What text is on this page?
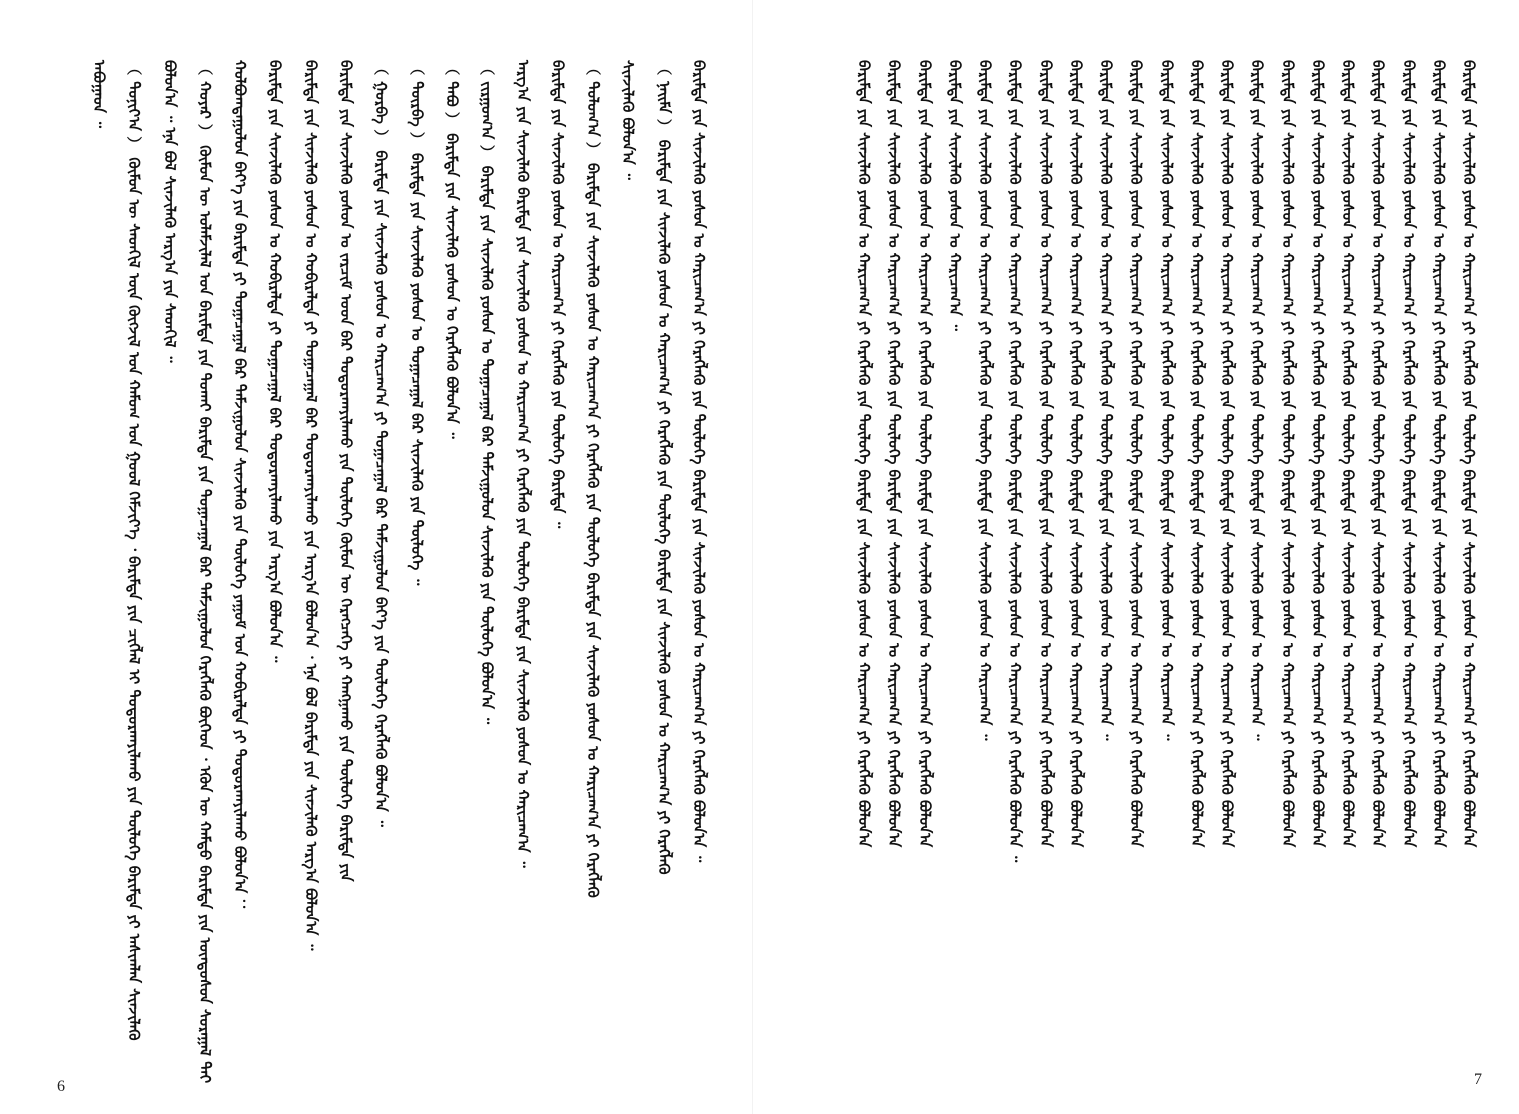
6
ᠠᠪᠤᠭᠠᠳ ᠃ （ ᠳᠤᠨᠢᠶ᠎ᠠ ） ᠬᠦᠮᠦᠨ ᠦ ᠰᠡᠳᠬᠢᠯ ᠦᠨ ᠬᠦᠭᠵᠢᠯ ᠤᠨ ᠬᠠᠮᠤᠭ ᠤᠨ ᠭᠣᠣᠯ ᠬᠡᠮᠵᠢᠶ᠎ᠡ ᠂ ᠪᠠᠷᠢᠮᠲᠠ ᠶᠢᠨ ᠴᠢᠭᠯᠡᠯ ᠢ ᠲᠣᠳᠣᠷᠬᠠᠶᠢᠯᠠᠬᠤ ᠶᠢᠨ ᠲᠥᠯᠥᠭᠡ ᠪᠠᠷᠢᠮᠲᠠ ᠶᠢ ᠠᠰᠢᠭᠯᠠᠨ ᠰᠢᠨᠵᠢᠯᠡᠬᠦ ᠪᠣᠯᠤᠨ᠎ᠠ ᠃ ᠡᠨᠡ ᠪᠣᠯ ᠰᠢᠨᠵᠢᠯᠡᠬᠦ ᠠᠷᠭ᠎ᠠ ᠶᠢᠨ ᠰᠡᠳᠬᠢᠯ ᠃ （ ᠬᠣᠶᠠᠷ ） ᠬᠦᠮᠦᠨ ᠦ ᠤᠯᠠᠮᠵᠢᠯᠠᠯ ᠤᠨ ᠪᠠᠷᠢᠮᠲᠠ ᠶᠢᠨ ᠲᠤᠬᠠᠢ ᠪᠠᠷᠢᠮᠲᠠ ᠶᠢᠨ ᠲᠣᠭᠠᠴᠠᠭᠠᠯ ᠪᠠᠷ ᠳᠠᠮᠵᠢᠭᠤᠯᠤᠨ ᠬᠡᠷᠡᠭᠯᠡᠬᠦ ᠪᠥᠭᠡᠳ ᠂ ᠡᠭᠦᠨ ᠦ ᠬᠠᠮᠲᠤ ᠪᠠᠷᠢᠮᠲᠠ ᠶᠢᠨ ᠦᠨᠳᠦᠰᠦᠨ ᠰᠤᠷᠠᠭᠠᠯ ᠲᠠᠢ ᠬᠣᠯᠪᠣᠭᠳᠠᠭᠤᠯᠤᠨ ᠪᠡᠶ᠎ᠡ ᠶᠢᠨ ᠪᠠᠷᠢᠮᠲᠠ ᠶᠢ ᠲᠣᠭᠠᠴᠠᠭᠠᠯ ᠪᠠᠷ ᠳᠠᠮᠵᠢᠭᠤᠯᠤᠨ ᠰᠢᠨᠵᠢᠯᠡᠬᠦ ᠶᠢᠨ ᠲᠥᠯᠥᠭᠡ ᠶᠠᠭᠤᠮ ᠤᠨ ᠬᠤᠪᠢᠷᠠᠯᠲᠠ ᠶᠢ ᠲᠣᠳᠣᠷᠬᠠᠶᠢᠯᠠᠬᠤ ᠪᠣᠯᠤᠨ᠎ᠠ ： ᠪᠠᠷᠢᠮᠲᠠ ᠶᠢᠨ ᠰᠢᠨᠵᠢᠯᠡᠬᠦ ᠶᠤᠰᠤᠨ ᠤ ᠬᠤᠪᠢᠷᠠᠯᠲᠠ ᠶᠢ ᠲᠣᠭᠠᠴᠠᠭᠠᠯ ᠪᠠᠷ ᠲᠣᠳᠣᠷᠬᠠᠶᠢᠯᠠᠬᠤ ᠶᠢᠨ ᠠᠷᠭ᠎ᠠ ᠪᠣᠯᠤᠨ᠎ᠠ ᠃ ᠪᠠᠷᠢᠮᠲᠠ ᠶᠢᠨ ᠰᠢᠨᠵᠢᠯᠡᠬᠦ ᠶᠤᠰᠤᠨ ᠤ ᠬᠤᠪᠢᠷᠠᠯᠲᠠ ᠶᠢ ᠲᠣᠭᠠᠴᠠᠭᠠᠯ ᠪᠠᠷ ᠲᠣᠳᠣᠷᠬᠠᠶᠢᠯᠠᠬᠤ ᠶᠢᠨ ᠠᠷᠭ᠎ᠠ ᠪᠣᠯᠤᠨ᠎ᠠ ᠂ ᠡᠨᠡ ᠪᠣᠯ ᠪᠠᠷᠢᠮᠲᠠ ᠶᠢᠨ ᠰᠢᠨᠵᠢᠯᠡᠬᠦ ᠠᠷᠭ᠎ᠠ ᠪᠣᠯᠤᠨ᠎ᠠ ᠃ ᠪᠠᠷᠢᠮᠲᠠ ᠶᠢᠨ ᠰᠢᠨᠵᠢᠯᠡᠬᠦ ᠶᠤᠰᠤᠨ ᠤ ᠵᠠᠷᠴᠢᠮ ᠤᠳ ᠪᠠᠷ ᠲᠣᠳᠣᠷᠬᠠᠶᠢᠯᠠᠬᠤ ᠶᠢᠨ ᠲᠥᠯᠥᠭᠡ ᠬᠦᠮᠦᠨ ᠦ ᠬᠡᠷᠡᠭᠴᠡᠭᠡ ᠶᠢ ᠬᠠᠩᠭᠠᠬᠤ ᠶᠢᠨ ᠲᠥᠯᠥᠭᠡ ᠪᠠᠷᠢᠮᠲᠠ ᠶᠢᠨ （ ᠭᠤᠷᠪᠠ ） ᠪᠠᠷᠢᠮᠲᠠ ᠶᠢᠨ ᠰᠢᠨᠵᠢᠯᠡᠬᠦ ᠶᠤᠰᠤᠨ ᠤ ᠬᠠᠷᠢᠴᠠᠭ᠎ᠠ ᠶᠢ ᠲᠣᠭᠠᠴᠠᠭᠠᠯ ᠪᠠᠷ ᠳᠠᠮᠵᠢᠭᠤᠯᠤᠨ ᠪᠡᠶ᠎ᠡ ᠶᠢᠨ ᠲᠥᠯᠥᠭᠡ ᠬᠡᠷᠡᠭᠯᠡᠬᠦ ᠪᠣᠯᠤᠨ᠎ᠠ ᠃ （ ᠳᠥᠷᠪᠡ ） ᠪᠠᠷᠢᠮᠲᠠ ᠶᠢᠨ ᠰᠢᠨᠵᠢᠯᠡᠬᠦ ᠶᠤᠰᠤᠨ ᠤ ᠲᠣᠭᠠᠴᠠᠭᠠᠯ ᠪᠠᠷ ᠰᠢᠨᠵᠢᠯᠡᠬᠦ ᠶᠢᠨ ᠲᠥᠯᠥᠭᠡ ᠃ （ ᠲᠠᠪᠤ ） ᠪᠠᠷᠢᠮᠲᠠ ᠶᠢᠨ ᠰᠢᠨᠵᠢᠯᠡᠬᠦ ᠶᠤᠰᠤᠨ ᠤ ᠬᠡᠷᠡᠭᠯᠡᠬᠦ ᠪᠣᠯᠤᠨ᠎ᠠ ᠃ （ ᠵᠢᠷᠭᠤᠭ᠎ᠠ ） ᠪᠠᠷᠢᠮᠲᠠ ᠶᠢᠨ ᠰᠢᠨᠵᠢᠯᠡᠬᠦ ᠶᠤᠰᠤᠨ ᠤ ᠲᠣᠭᠠᠴᠠᠭᠠᠯ ᠪᠠᠷ ᠳᠠᠮᠵᠢᠭᠤᠯᠤᠨ ᠰᠢᠨᠵᠢᠯᠡᠬᠦ ᠶᠢᠨ ᠲᠥᠯᠥᠭᠡ ᠪᠣᠯᠤᠨ᠎ᠠ ᠃ ᠠᠷᠭ᠎ᠠ ᠶᠢᠨ ᠰᠢᠨᠵᠢᠯᠡᠬᠦ ᠪᠠᠷᠢᠮᠲᠠ ᠶᠢᠨ ᠰᠢᠨᠵᠢᠯᠡᠬᠦ ᠶᠤᠰᠤᠨ ᠤ ᠬᠠᠷᠢᠴᠠᠭ᠎ᠠ ᠶᠢ ᠬᠡᠷᠡᠭᠯᠡᠬᠦ ᠶᠢᠨ ᠲᠥᠯᠥᠭᠡ ᠪᠠᠷᠢᠮᠲᠠ ᠶᠢᠨ ᠰᠢᠨᠵᠢᠯᠡᠬᠦ ᠶᠤᠰᠤᠨ ᠤ ᠬᠠᠷᠢᠴᠠᠭ᠎ᠠ ᠃ ᠪᠠᠷᠢᠮᠲᠠ ᠶᠢᠨ ᠰᠢᠨᠵᠢᠯᠡᠬᠦ ᠶᠤᠰᠤᠨ ᠤ ᠬᠠᠷᠢᠴᠠᠭ᠎ᠠ ᠶᠢ ᠬᠡᠷᠡᠭᠯᠡᠬᠦ ᠶᠢᠨ ᠲᠥᠯᠥᠭᠡ ᠪᠠᠷᠢᠮᠲᠠ ᠃ （ ᠳᠣᠯᠣᠭ᠎ᠠ ） ᠪᠠᠷᠢᠮᠲᠠ ᠶᠢᠨ ᠰᠢᠨᠵᠢᠯᠡᠬᠦ ᠶᠤᠰᠤᠨ ᠤ ᠬᠠᠷᠢᠴᠠᠭ᠎ᠠ ᠶᠢ ᠬᠡᠷᠡᠭᠯᠡᠬᠦ ᠶᠢᠨ ᠲᠥᠯᠥᠭᠡ ᠪᠠᠷᠢᠮᠲᠠ ᠶᠢᠨ ᠰᠢᠨᠵᠢᠯᠡᠬᠦ ᠶᠤᠰᠤᠨ ᠤ ᠬᠠᠷᠢᠴᠠᠭ᠎ᠠ ᠶᠢ ᠬᠡᠷᠡᠭᠯᠡᠬᠦ ᠰᠢᠨᠵᠢᠯᠡᠬᠦ ᠪᠣᠯᠤᠨ᠎ᠠ ᠃ （ ᠨᠠᠢᠮᠠ ） ᠪᠠᠷᠢᠮᠲᠠ ᠶᠢᠨ ᠰᠢᠨᠵᠢᠯᠡᠬᠦ ᠶᠤᠰᠤᠨ ᠤ ᠬᠠᠷᠢᠴᠠᠭ᠎ᠠ ᠶᠢ ᠬᠡᠷᠡᠭᠯᠡᠬᠦ ᠶᠢᠨ ᠲᠥᠯᠥᠭᠡ ᠪᠠᠷᠢᠮᠲᠠ ᠶᠢᠨ ᠰᠢᠨᠵᠢᠯᠡᠬᠦ ᠶᠤᠰᠤᠨ ᠤ ᠬᠠᠷᠢᠴᠠᠭ᠎ᠠ ᠶᠢ ᠬᠡᠷᠡᠭᠯᠡᠬᠦ ᠪᠠᠷᠢᠮᠲᠠ ᠶᠢᠨ ᠰᠢᠨᠵᠢᠯᠡᠬᠦ ᠶᠤᠰᠤᠨ ᠤ ᠬᠠᠷᠢᠴᠠᠭ᠎ᠠ ᠶᠢ ᠬᠡᠷᠡᠭᠯᠡᠬᠦ ᠶᠢᠨ ᠲᠥᠯᠥᠭᠡ ᠪᠠᠷᠢᠮᠲᠠ ᠶᠢᠨ ᠰᠢᠨᠵᠢᠯᠡᠬᠦ ᠶᠤᠰᠤᠨ ᠤ ᠬᠠᠷᠢᠴᠠᠭ᠎ᠠ ᠶᠢ ᠬᠡᠷᠡᠭᠯᠡᠬᠦ ᠪᠣᠯᠤᠨ᠎ᠠ ᠃
7
ᠪᠠᠷᠢᠮᠲᠠ ᠶᠢᠨ ᠰᠢᠨᠵᠢᠯᠡᠬᠦ ᠶᠤᠰᠤᠨ ᠤ ᠬᠠᠷᠢᠴᠠᠭ᠎ᠠ ᠶᠢ ᠬᠡᠷᠡᠭᠯᠡᠬᠦ ᠶᠢᠨ ᠲᠥᠯᠥᠭᠡ ᠪᠠᠷᠢᠮᠲᠠ ᠶᠢᠨ ᠰᠢᠨᠵᠢᠯᠡᠬᠦ ᠶᠤᠰᠤᠨ ᠤ ᠬᠠᠷᠢᠴᠠᠭ᠎ᠠ ᠶᠢ ᠬᠡᠷᠡᠭᠯᠡᠬᠦ ᠪᠣᠯᠤᠨ᠎ᠠ ᠪᠠᠷᠢᠮᠲᠠ ᠶᠢᠨ ᠰᠢᠨᠵᠢᠯᠡᠬᠦ ᠶᠤᠰᠤᠨ ᠤ ᠬᠠᠷᠢᠴᠠᠭ᠎ᠠ ᠶᠢ ᠬᠡᠷᠡᠭᠯᠡᠬᠦ ᠶᠢᠨ ᠲᠥᠯᠥᠭᠡ ᠪᠠᠷᠢᠮᠲᠠ ᠶᠢᠨ ᠰᠢᠨᠵᠢᠯᠡᠬᠦ ᠶᠤᠰᠤᠨ ᠤ ᠬᠠᠷᠢᠴᠠᠭ᠎ᠠ ᠶᠢ ᠬᠡᠷᠡᠭᠯᠡᠬᠦ ᠪᠣᠯᠤᠨ᠎ᠠ ᠪᠠᠷᠢᠮᠲᠠ ᠶᠢᠨ ᠰᠢᠨᠵᠢᠯᠡᠬᠦ ᠶᠤᠰᠤᠨ ᠤ ᠬᠠᠷᠢᠴᠠᠭ᠎ᠠ ᠶᠢ ᠬᠡᠷᠡᠭᠯᠡᠬᠦ ᠶᠢᠨ ᠲᠥᠯᠥᠭᠡ ᠪᠠᠷᠢᠮᠲᠠ ᠶᠢᠨ ᠰᠢᠨᠵᠢᠯᠡᠬᠦ ᠶᠤᠰᠤᠨ ᠤ ᠬᠠᠷᠢᠴᠠᠭ᠎ᠠ ᠶᠢ ᠬᠡᠷᠡᠭᠯᠡᠬᠦ ᠪᠣᠯᠤᠨ᠎ᠠ ᠪᠠᠷᠢᠮᠲᠠ ᠶᠢᠨ ᠰᠢᠨᠵᠢᠯᠡᠬᠦ ᠶᠤᠰᠤᠨ ᠤ ᠬᠠᠷᠢᠴᠠᠭ᠎ᠠ ᠃ ᠪᠠᠷᠢᠮᠲᠠ ᠶᠢᠨ ᠰᠢᠨᠵᠢᠯᠡᠬᠦ ᠶᠤᠰᠤᠨ ᠤ ᠬᠠᠷᠢᠴᠠᠭ᠎ᠠ ᠶᠢ ᠬᠡᠷᠡᠭᠯᠡᠬᠦ ᠶᠢᠨ ᠲᠥᠯᠥᠭᠡ ᠪᠠᠷᠢᠮᠲᠠ ᠶᠢᠨ ᠰᠢᠨᠵᠢᠯᠡᠬᠦ ᠶᠤᠰᠤᠨ ᠤ ᠬᠠᠷᠢᠴᠠᠭ᠎ᠠ ᠃ ᠪᠠᠷᠢᠮᠲᠠ ᠶᠢᠨ ᠰᠢᠨᠵᠢᠯᠡᠬᠦ ᠶᠤᠰᠤᠨ ᠤ ᠬᠠᠷᠢᠴᠠᠭ᠎ᠠ ᠶᠢ ᠬᠡᠷᠡᠭᠯᠡᠬᠦ ᠶᠢᠨ ᠲᠥᠯᠥᠭᠡ ᠪᠠᠷᠢᠮᠲᠠ ᠶᠢᠨ ᠰᠢᠨᠵᠢᠯᠡᠬᠦ ᠶᠤᠰᠤᠨ ᠤ ᠬᠠᠷᠢᠴᠠᠭ᠎ᠠ ᠶᠢ ᠬᠡᠷᠡᠭᠯᠡᠬᠦ ᠪᠣᠯᠤᠨ᠎ᠠ ᠃ ᠪᠠᠷᠢᠮᠲᠠ ᠶᠢᠨ ᠰᠢᠨᠵᠢᠯᠡᠬᠦ ᠶᠤᠰᠤᠨ ᠤ ᠬᠠᠷᠢᠴᠠᠭ᠎ᠠ ᠶᠢ ᠬᠡᠷᠡᠭᠯᠡᠬᠦ ᠶᠢᠨ ᠲᠥᠯᠥᠭᠡ ᠪᠠᠷᠢᠮᠲᠠ ᠶᠢᠨ ᠰᠢᠨᠵᠢᠯᠡᠬᠦ ᠶᠤᠰᠤᠨ ᠤ ᠬᠠᠷᠢᠴᠠᠭ᠎ᠠ ᠶᠢ ᠬᠡᠷᠡᠭᠯᠡᠬᠦ ᠪᠣᠯᠤᠨ᠎ᠠ ᠪᠠᠷᠢᠮᠲᠠ ᠶᠢᠨ ᠰᠢᠨᠵᠢᠯᠡᠬᠦ ᠶᠤᠰᠤᠨ ᠤ ᠬᠠᠷᠢᠴᠠᠭ᠎ᠠ ᠶᠢ ᠬᠡᠷᠡᠭᠯᠡᠬᠦ ᠶᠢᠨ ᠲᠥᠯᠥᠭᠡ ᠪᠠᠷᠢᠮᠲᠠ ᠶᠢᠨ ᠰᠢᠨᠵᠢᠯᠡᠬᠦ ᠶᠤᠰᠤᠨ ᠤ ᠬᠠᠷᠢᠴᠠᠭ᠎ᠠ ᠶᠢ ᠬᠡᠷᠡᠭᠯᠡᠬᠦ ᠪᠣᠯᠤᠨ᠎ᠠ ᠪᠠᠷᠢᠮᠲᠠ ᠶᠢᠨ ᠰᠢᠨᠵᠢᠯᠡᠬᠦ ᠶᠤᠰᠤᠨ ᠤ ᠬᠠᠷᠢᠴᠠᠭ᠎ᠠ ᠶᠢ ᠬᠡᠷᠡᠭᠯᠡᠬᠦ ᠶᠢᠨ ᠲᠥᠯᠥᠭᠡ ᠪᠠᠷᠢᠮᠲᠠ ᠶᠢᠨ ᠰᠢᠨᠵᠢᠯᠡᠬᠦ ᠶᠤᠰᠤᠨ ᠤ ᠬᠠᠷᠢᠴᠠᠭ᠎ᠠ ᠃ ᠪᠠᠷᠢᠮᠲᠠ ᠶᠢᠨ ᠰᠢᠨᠵᠢᠯᠡᠬᠦ ᠶᠤᠰᠤᠨ ᠤ ᠬᠠᠷᠢᠴᠠᠭ᠎ᠠ ᠶᠢ ᠬᠡᠷᠡᠭᠯᠡᠬᠦ ᠶᠢᠨ ᠲᠥᠯᠥᠭᠡ ᠪᠠᠷᠢᠮᠲᠠ ᠶᠢᠨ ᠰᠢᠨᠵᠢᠯᠡᠬᠦ ᠶᠤᠰᠤᠨ ᠤ ᠬᠠᠷᠢᠴᠠᠭ᠎ᠠ ᠶᠢ ᠬᠡᠷᠡᠭᠯᠡᠬᠦ ᠪᠣᠯᠤᠨ᠎ᠠ ᠪᠠᠷᠢᠮᠲᠠ ᠶᠢᠨ ᠰᠢᠨᠵᠢᠯᠡᠬᠦ ᠶᠤᠰᠤᠨ ᠤ ᠬᠠᠷᠢᠴᠠᠭ᠎ᠠ ᠶᠢ ᠬᠡᠷᠡᠭᠯᠡᠬᠦ ᠶᠢᠨ ᠲᠥᠯᠥᠭᠡ ᠪᠠᠷᠢᠮᠲᠠ ᠶᠢᠨ ᠰᠢᠨᠵᠢᠯᠡᠬᠦ ᠶᠤᠰᠤᠨ ᠤ ᠬᠠᠷᠢᠴᠠᠭ᠎ᠠ ᠃ ᠪᠠᠷᠢᠮᠲᠠ ᠶᠢᠨ ᠰᠢᠨᠵᠢᠯᠡᠬᠦ ᠶᠤᠰᠤᠨ ᠤ ᠬᠠᠷᠢᠴᠠᠭ᠎ᠠ ᠶᠢ ᠬᠡᠷᠡᠭᠯᠡᠬᠦ ᠶᠢᠨ ᠲᠥᠯᠥᠭᠡ ᠪᠠᠷᠢᠮᠲᠠ ᠶᠢᠨ ᠰᠢᠨᠵᠢᠯᠡᠬᠦ ᠶᠤᠰᠤᠨ ᠤ ᠬᠠᠷᠢᠴᠠᠭ᠎ᠠ ᠶᠢ ᠬᠡᠷᠡᠭᠯᠡᠬᠦ ᠪᠣᠯᠤᠨ᠎ᠠ ᠪᠠᠷᠢᠮᠲᠠ ᠶᠢᠨ ᠰᠢᠨᠵᠢᠯᠡᠬᠦ ᠶᠤᠰᠤᠨ ᠤ ᠬᠠᠷᠢᠴᠠᠭ᠎ᠠ ᠶᠢ ᠬᠡᠷᠡᠭᠯᠡᠬᠦ ᠶᠢᠨ ᠲᠥᠯᠥᠭᠡ ᠪᠠᠷᠢᠮᠲᠠ ᠶᠢᠨ ᠰᠢᠨᠵᠢᠯᠡᠬᠦ ᠶᠤᠰᠤᠨ ᠤ ᠬᠠᠷᠢᠴᠠᠭ᠎ᠠ ᠶᠢ ᠬᠡᠷᠡᠭᠯᠡᠬᠦ ᠪᠣᠯᠤᠨ᠎ᠠ ᠪᠠᠷᠢᠮᠲᠠ ᠶᠢᠨ ᠰᠢᠨᠵᠢᠯᠡᠬᠦ ᠶᠤᠰᠤᠨ ᠤ ᠬᠠᠷᠢᠴᠠᠭ᠎ᠠ ᠶᠢ ᠬᠡᠷᠡᠭᠯᠡᠬᠦ ᠶᠢᠨ ᠲᠥᠯᠥᠭᠡ ᠪᠠᠷᠢᠮᠲᠠ ᠶᠢᠨ ᠰᠢᠨᠵᠢᠯᠡᠬᠦ ᠶᠤᠰᠤᠨ ᠤ ᠬᠠᠷᠢᠴᠠᠭ᠎ᠠ ᠃ ᠪᠠᠷᠢᠮᠲᠠ ᠶᠢᠨ ᠰᠢᠨᠵᠢᠯᠡᠬᠦ ᠶᠤᠰᠤᠨ ᠤ ᠬᠠᠷᠢᠴᠠᠭ᠎ᠠ ᠶᠢ ᠬᠡᠷᠡᠭᠯᠡᠬᠦ ᠶᠢᠨ ᠲᠥᠯᠥᠭᠡ ᠪᠠᠷᠢᠮᠲᠠ ᠶᠢᠨ ᠰᠢᠨᠵᠢᠯᠡᠬᠦ ᠶᠤᠰᠤᠨ ᠤ ᠬᠠᠷᠢᠴᠠᠭ᠎ᠠ ᠶᠢ ᠬᠡᠷᠡᠭᠯᠡᠬᠦ ᠪᠣᠯᠤᠨ᠎ᠠ ᠪᠠᠷᠢᠮᠲᠠ ᠶᠢᠨ ᠰᠢᠨᠵᠢᠯᠡᠬᠦ ᠶᠤᠰᠤᠨ ᠤ ᠬᠠᠷᠢᠴᠠᠭ᠎ᠠ ᠶᠢ ᠬᠡᠷᠡᠭᠯᠡᠬᠦ ᠶᠢᠨ ᠲᠥᠯᠥᠭᠡ ᠪᠠᠷᠢᠮᠲᠠ ᠶᠢᠨ ᠰᠢᠨᠵᠢᠯᠡᠬᠦ ᠶᠤᠰᠤᠨ ᠤ ᠬᠠᠷᠢᠴᠠᠭ᠎ᠠ ᠶᠢ ᠬᠡᠷᠡᠭᠯᠡᠬᠦ ᠪᠣᠯᠤᠨ᠎ᠠ ᠪᠠᠷᠢᠮᠲᠠ ᠶᠢᠨ ᠰᠢᠨᠵᠢᠯᠡᠬᠦ ᠶᠤᠰᠤᠨ ᠤ ᠬᠠᠷᠢᠴᠠᠭ᠎ᠠ ᠶᠢ ᠬᠡᠷᠡᠭᠯᠡᠬᠦ ᠶᠢᠨ ᠲᠥᠯᠥᠭᠡ ᠪᠠᠷᠢᠮᠲᠠ ᠶᠢᠨ ᠰᠢᠨᠵᠢᠯᠡᠬᠦ ᠶᠤᠰᠤᠨ ᠤ ᠬᠠᠷᠢᠴᠠᠭ᠎ᠠ ᠶᠢ ᠬᠡᠷᠡᠭᠯᠡᠬᠦ ᠪᠣᠯᠤᠨ᠎ᠠ ᠪᠠᠷᠢᠮᠲᠠ ᠶᠢᠨ ᠰᠢᠨᠵᠢᠯᠡᠬᠦ ᠶᠤᠰᠤᠨ ᠤ ᠬᠠᠷᠢᠴᠠᠭ᠎ᠠ ᠶᠢ ᠬᠡᠷᠡᠭᠯᠡᠬᠦ ᠶᠢᠨ ᠲᠥᠯᠥᠭᠡ ᠪᠠᠷᠢᠮᠲᠠ ᠶᠢᠨ ᠰᠢᠨᠵᠢᠯᠡᠬᠦ ᠶᠤᠰᠤᠨ ᠤ ᠬᠠᠷᠢᠴᠠᠭ᠎ᠠ ᠶᠢ ᠬᠡᠷᠡᠭᠯᠡᠬᠦ ᠪᠣᠯᠤᠨ᠎ᠠ ᠪᠠᠷᠢᠮᠲᠠ ᠶᠢᠨ ᠰᠢᠨᠵᠢᠯᠡᠬᠦ ᠶᠤᠰᠤᠨ ᠤ ᠬᠠᠷᠢᠴᠠᠭ᠎ᠠ ᠶᠢ ᠬᠡᠷᠡᠭᠯᠡᠬᠦ ᠶᠢᠨ ᠲᠥᠯᠥᠭᠡ ᠪᠠᠷᠢᠮᠲᠠ ᠶᠢᠨ ᠰᠢᠨᠵᠢᠯᠡᠬᠦ ᠶᠤᠰᠤᠨ ᠤ ᠬᠠᠷᠢᠴᠠᠭ᠎ᠠ ᠶᠢ ᠬᠡᠷᠡᠭᠯᠡᠬᠦ ᠪᠣᠯᠤᠨ᠎ᠠ ᠪᠠᠷᠢᠮᠲᠠ ᠶᠢᠨ ᠰᠢᠨᠵᠢᠯᠡᠬᠦ ᠶᠤᠰᠤᠨ ᠤ ᠬᠠᠷᠢᠴᠠᠭ᠎ᠠ ᠶᠢ ᠬᠡᠷᠡᠭᠯᠡᠬᠦ ᠶᠢᠨ ᠲᠥᠯᠥᠭᠡ ᠪᠠᠷᠢᠮᠲᠠ ᠶᠢᠨ ᠰᠢᠨᠵᠢᠯᠡᠬᠦ ᠶᠤᠰᠤᠨ ᠤ ᠬᠠᠷᠢᠴᠠᠭ᠎ᠠ ᠶᠢ ᠬᠡᠷᠡᠭᠯᠡᠬᠦ ᠪᠣᠯᠤᠨ᠎ᠠ ᠪᠠᠷᠢᠮᠲᠠ ᠶᠢᠨ ᠰᠢᠨᠵᠢᠯᠡᠬᠦ ᠶᠤᠰᠤᠨ ᠤ ᠬᠠᠷᠢᠴᠠᠭ᠎ᠠ ᠶᠢ ᠬᠡᠷᠡᠭᠯᠡᠬᠦ ᠶᠢᠨ ᠲᠥᠯᠥᠭᠡ ᠪᠠᠷᠢᠮᠲᠠ ᠶᠢᠨ ᠰᠢᠨᠵᠢᠯᠡᠬᠦ ᠶᠤᠰᠤᠨ ᠤ ᠬᠠᠷᠢᠴᠠᠭ᠎ᠠ ᠶᠢ ᠬᠡᠷᠡᠭᠯᠡᠬᠦ ᠪᠣᠯᠤᠨ᠎ᠠ
